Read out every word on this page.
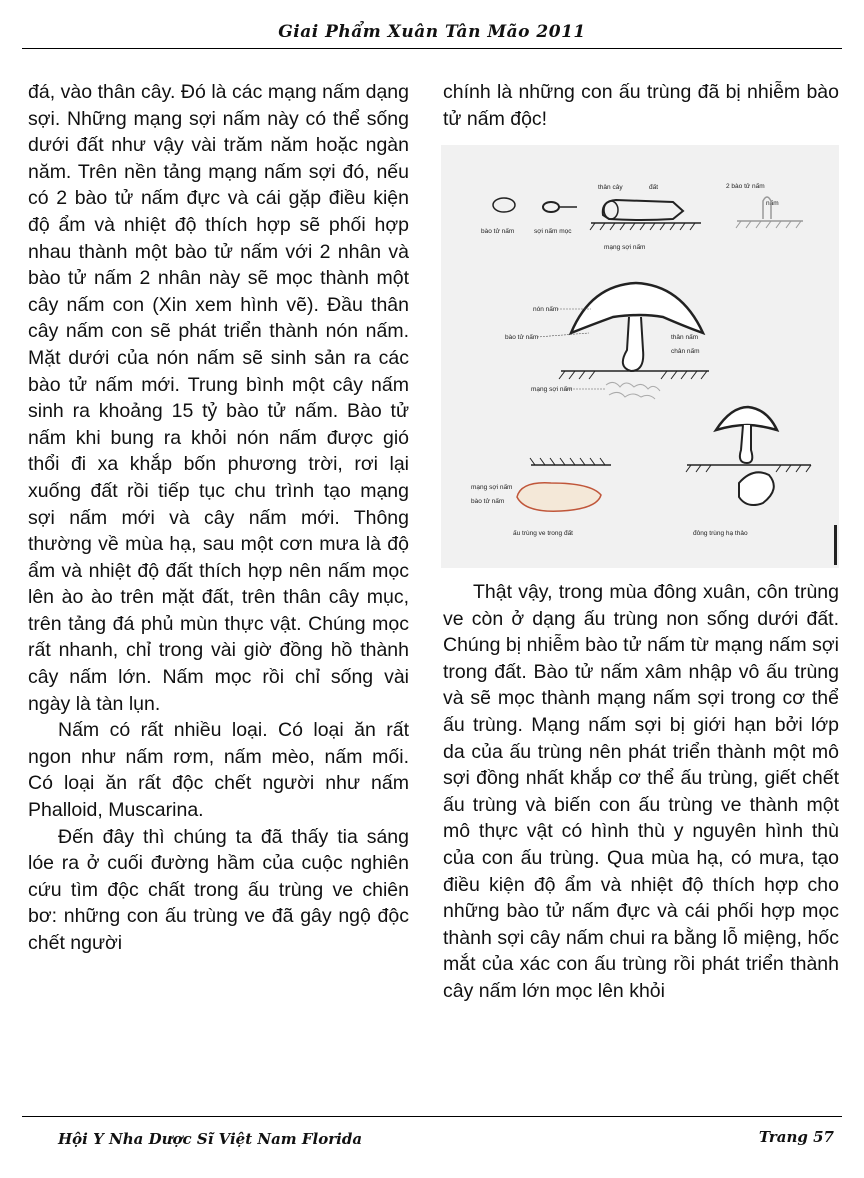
Giai Phẩm Xuân Tân Mão 2011

đá, vào thân cây. Đó là các mạng nấm dạng sợi. Những mạng sợi nấm này có thể sống dưới đất như vậy vài trăm năm hoặc ngàn năm. Trên nền tảng mạng nấm sợi đó, nếu có 2 bào tử nấm đực và cái gặp điều kiện độ ẩm và nhiệt độ thích hợp sẽ phối hợp nhau thành một bào tử nấm với 2 nhân và bào tử nấm 2 nhân này sẽ mọc thành một cây nấm con (Xin xem hình vẽ). Đầu thân cây nấm con sẽ phát triển thành nón nấm. Mặt dưới của nón nấm sẽ sinh sản ra các bào tử nấm mới. Trung bình một cây nấm sinh ra khoảng 15 tỷ bào tử nấm. Bào tử nấm khi bung ra khỏi nón nấm được gió thổi đi xa khắp bốn phương trời, rơi lại xuống đất rồi tiếp tục chu trình tạo mạng sợi nấm mới và cây nấm mới. Thông thường về mùa hạ, sau một cơn mưa là độ ẩm và nhiệt độ đất thích hợp nên nấm mọc lên ào ào trên mặt đất, trên thân cây mục, trên tảng đá phủ mùn thực vật. Chúng mọc rất nhanh, chỉ trong vài giờ đồng hồ thành cây nấm lớn. Nấm mọc rồi chỉ sống vài ngày là tàn lụn.

Nấm có rất nhiều loại. Có loại ăn rất ngon như nấm rơm, nấm mèo, nấm mối. Có loại ăn rất độc chết người như nấm Phalloid, Muscarina.

Đến đây thì chúng ta đã thấy tia sáng lóe ra ở cuối đường hầm của cuộc nghiên cứu tìm độc chất trong ấu trùng ve chiên bơ: những con ấu trùng ve đã gây ngộ độc chết người

chính là những con ấu trùng đã bị nhiễm bào tử nấm độc!

bào tử nấm	sợi nấm mọc
thân cây	đất
mạng sợi nấm
2 bào tử nấm
nấm
nón nấm
bào tử nấm	thân nấm
chân nấm
mạng sợi nấm
mạng sợi nấm
bào tử nấm
ấu trùng ve trong đất	đông trùng hạ thảo

Thật vậy, trong mùa đông xuân, côn trùng ve còn ở dạng ấu trùng non sống dưới đất. Chúng bị nhiễm bào tử nấm từ mạng nấm sợi trong đất. Bào tử nấm xâm nhập vô ấu trùng và sẽ mọc thành mạng nấm sợi trong cơ thể ấu trùng. Mạng nấm sợi bị giới hạn bởi lớp da của ấu trùng nên phát triển thành một mô sợi đồng nhất khắp cơ thể ấu trùng, giết chết ấu trùng và biến con ấu trùng ve thành một mô thực vật có hình thù y nguyên hình thù của con ấu trùng. Qua mùa hạ, có mưa, tạo điều kiện độ ẩm và nhiệt độ thích hợp cho những bào tử nấm đực và cái phối hợp mọc thành sợi cây nấm chui ra bằng lỗ miệng, hốc mắt của xác con ấu trùng rồi phát triển thành cây nấm lớn mọc lên khỏi

Hội Y Nha Dược Sĩ Việt Nam Florida	Trang 57
